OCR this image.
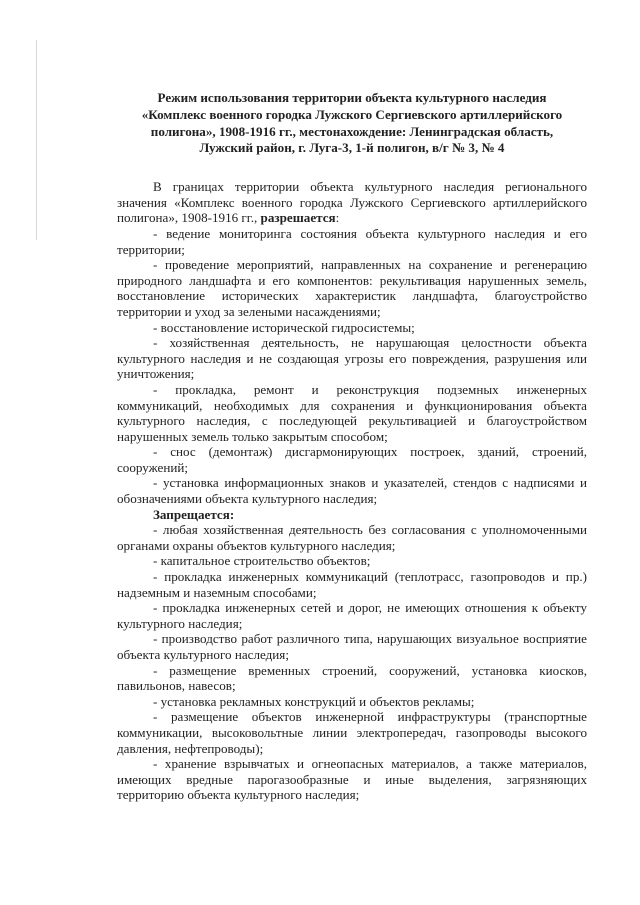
Режим использования территории объекта культурного наследия
«Комплекс военного городка Лужского Сергиевского артиллерийского
полигона», 1908-1916 гг., местонахождение: Ленинградская область,
Лужский район, г. Луга-3, 1-й полигон, в/г № 3, № 4

В границах территории объекта культурного наследия регионального значения «Комплекс военного городка Лужского Сергиевского артиллерийского полигона», 1908-1916 гг., разрешается:

- ведение мониторинга состояния объекта культурного наследия и его территории;

- проведение мероприятий, направленных на сохранение и регенерацию природного ландшафта и его компонентов: рекультивация нарушенных земель, восстановление исторических характеристик ландшафта, благоустройство территории и уход за зелеными насаждениями;

- восстановление исторической гидросистемы;

- хозяйственная деятельность, не нарушающая целостности объекта культурного наследия и не создающая угрозы его повреждения, разрушения или уничтожения;

- прокладка, ремонт и реконструкция подземных инженерных коммуникаций, необходимых для сохранения и функционирования объекта культурного наследия, с последующей рекультивацией и благоустройством нарушенных земель только закрытым способом;

- снос (демонтаж) дисгармонирующих построек, зданий, строений, сооружений;

- установка информационных знаков и указателей, стендов с надписями и обозначениями объекта культурного наследия;

Запрещается:

- любая хозяйственная деятельность без согласования с уполномоченными органами охраны объектов культурного наследия;

- капитальное строительство объектов;

- прокладка инженерных коммуникаций (теплотрасс, газопроводов и пр.) надземным и наземным способами;

- прокладка инженерных сетей и дорог, не имеющих отношения к объекту культурного наследия;

- производство работ различного типа, нарушающих визуальное восприятие объекта культурного наследия;

- размещение временных строений, сооружений, установка киосков, павильонов, навесов;

- установка рекламных конструкций и объектов рекламы;

- размещение объектов инженерной инфраструктуры (транспортные коммуникации, высоковольтные линии электропередач, газопроводы высокого давления, нефтепроводы);

- хранение взрывчатых и огнеопасных материалов, а также материалов, имеющих вредные парогазообразные и иные выделения, загрязняющих территорию объекта культурного наследия;
